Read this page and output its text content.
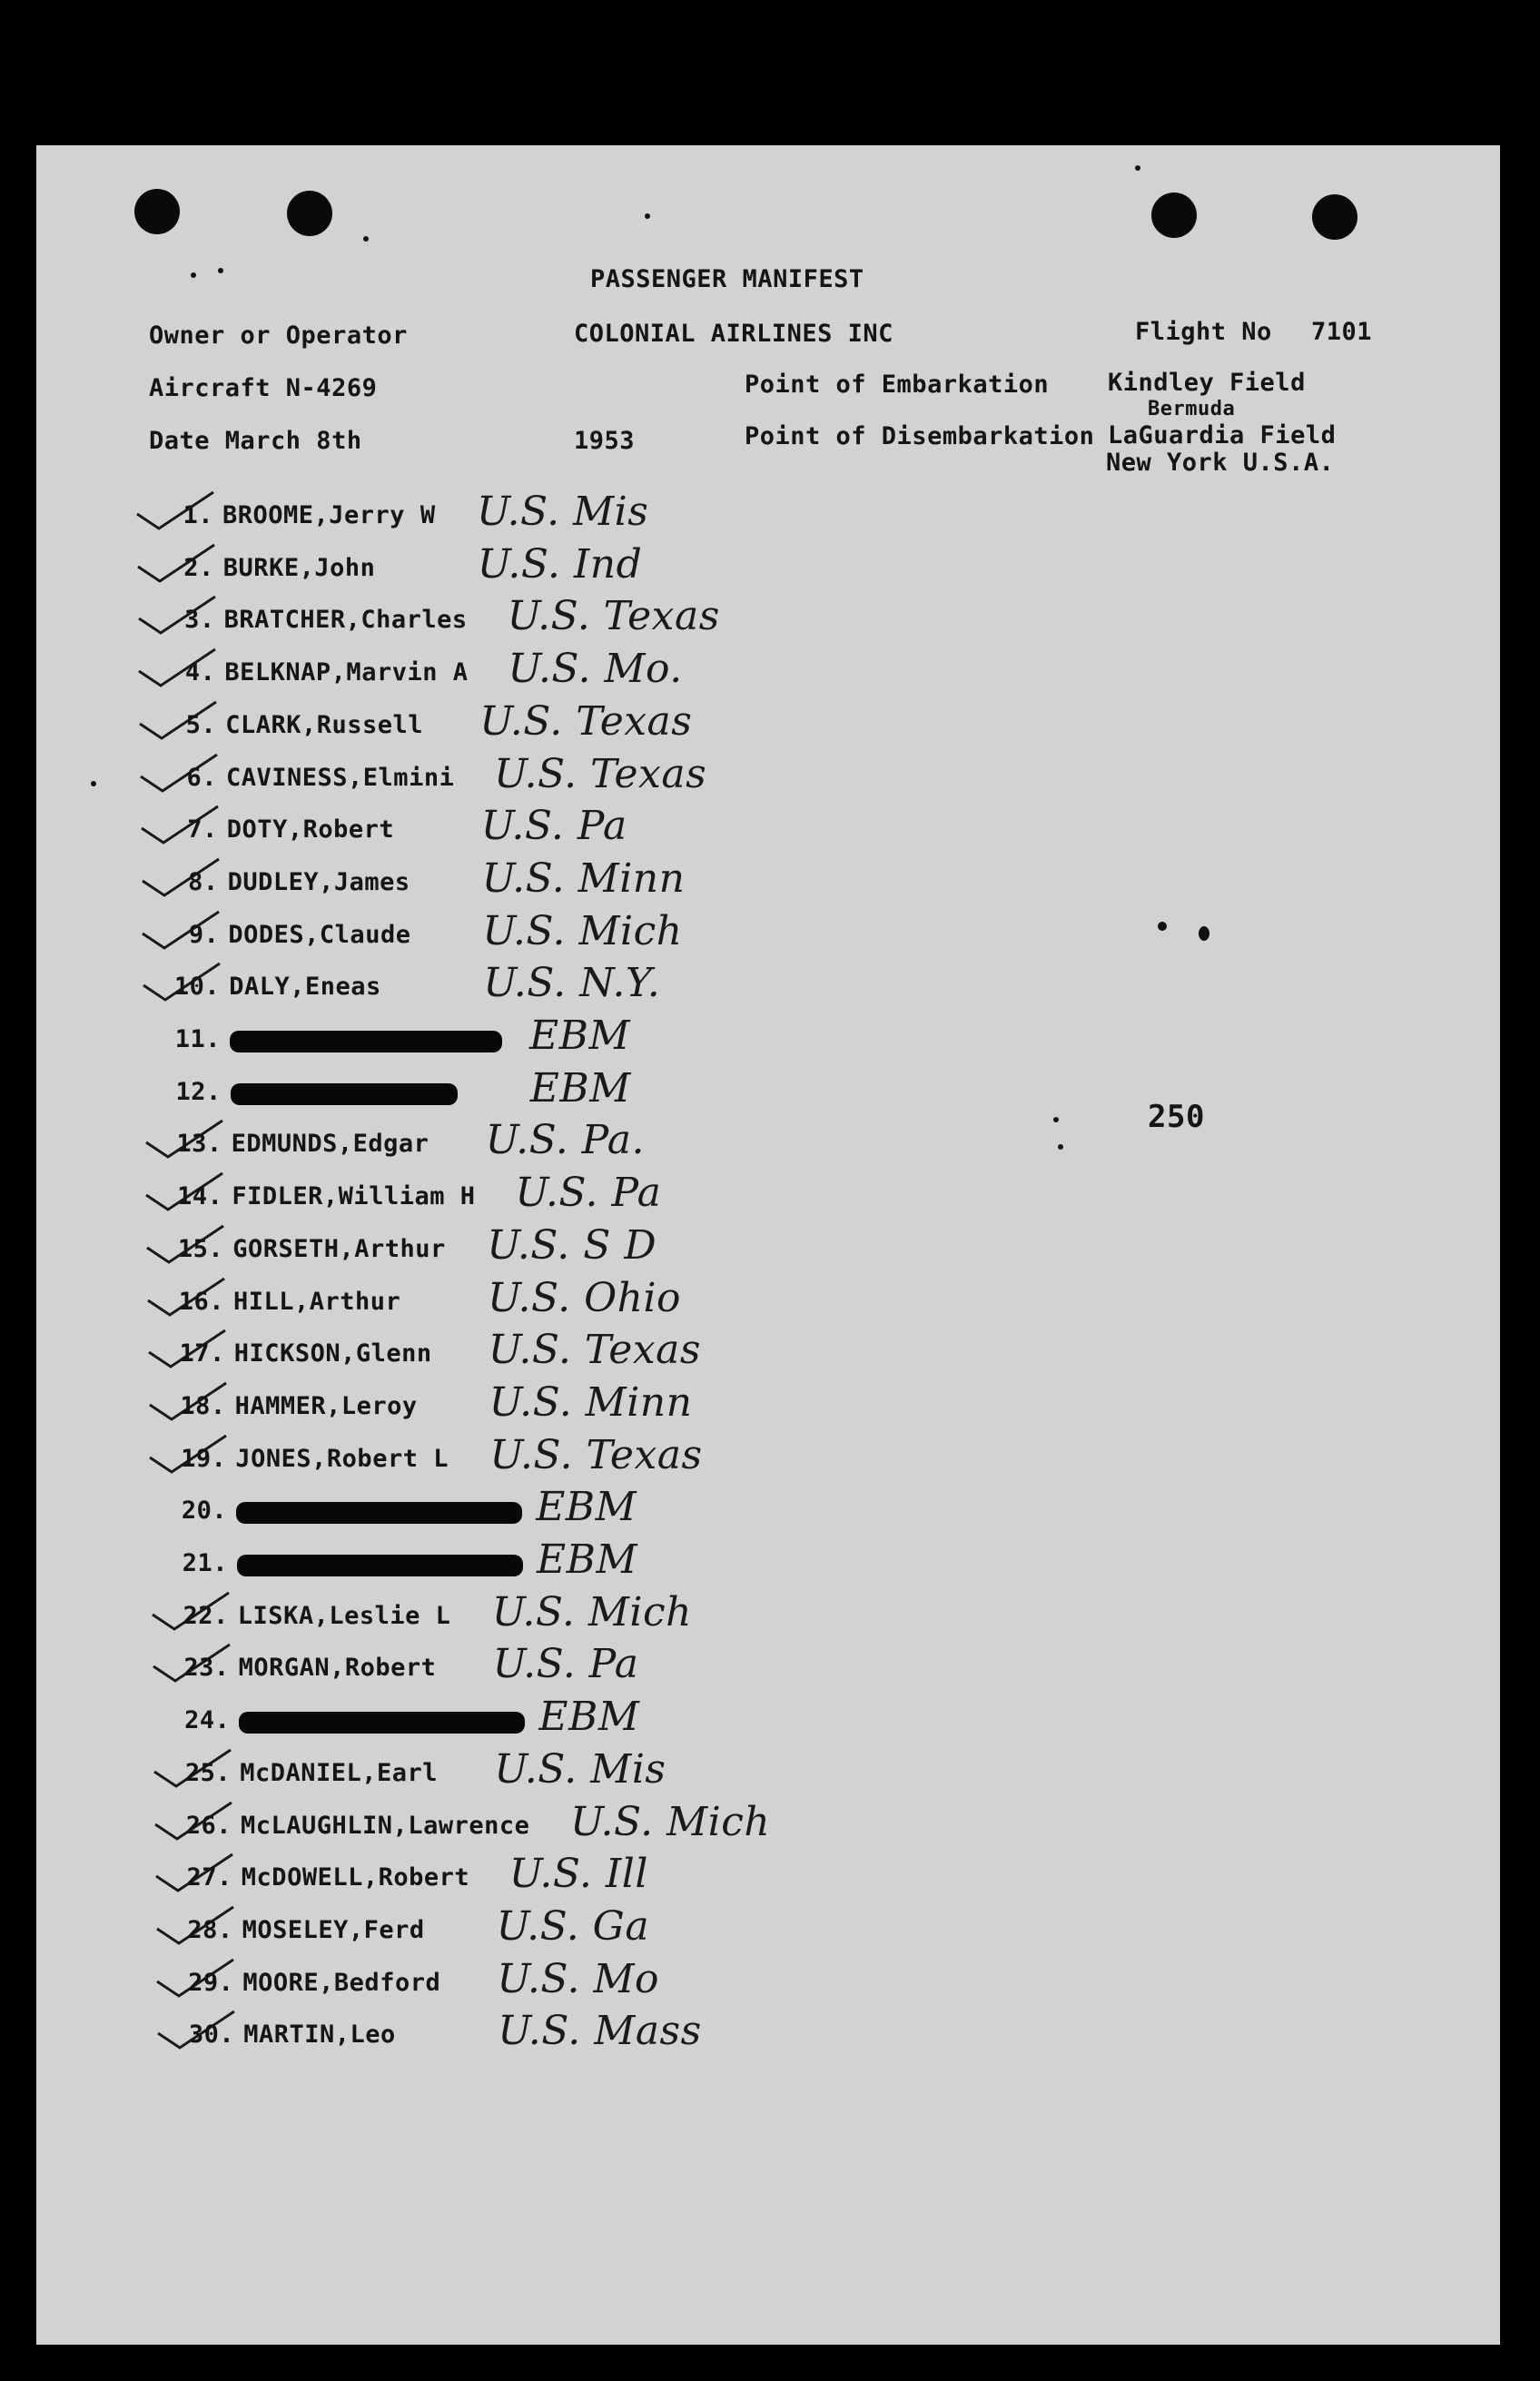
PASSENGER MANIFEST
Owner or Operator	COLONIAL AIRLINES INC	Flight No 7101
Aircraft N-4269	Point of Embarkation Kindley Field
Bermuda
Date March 8th	1953	Point of Disembarkation LaGuardia Field
New York U.S.A.
250
1. BROOME,Jerry W U.S. Mis
2. BURKE,John	U.S. Ind
3. BRATCHER,Charles U.S. Texas
4. BELKNAP,Marvin A U.S. Mo.
5. CLARK,Russell U.S. Texas
6. CAVINESS,Elmini U.S. Texas
7. DOTY,Robert U.S. Pa
8. DUDLEY,James U.S. Minn
9. DODES,Claude U.S. Mich
10. DALY,Eneas	U.S. N.Y.
11.	EBM
12.	EBM
13. EDMUNDS,Edgar U.S. Pa.
14. FIDLER,William H U.S. Pa
15. GORSETH,Arthur U.S. S D
16. HILL,Arthur U.S. Ohio
17. HICKSON,Glenn U.S. Texas
18. HAMMER,Leroy U.S. Minn
19. JONES,Robert L U.S. Texas
20.	EBM
21.	EBM
22. LISKA,Leslie L U.S. Mich
23. MORGAN,Robert U.S. Pa
24.	EBM
25. McDANIEL,Earl U.S. Mis
26. McLAUGHLIN,Lawrence U.S. Mich
27. McDOWELL,Robert U.S. Ill
28. MOSELEY,Ferd U.S. Ga
29. MOORE,Bedford U.S. Mo
30. MARTIN,Leo	U.S. Mass
